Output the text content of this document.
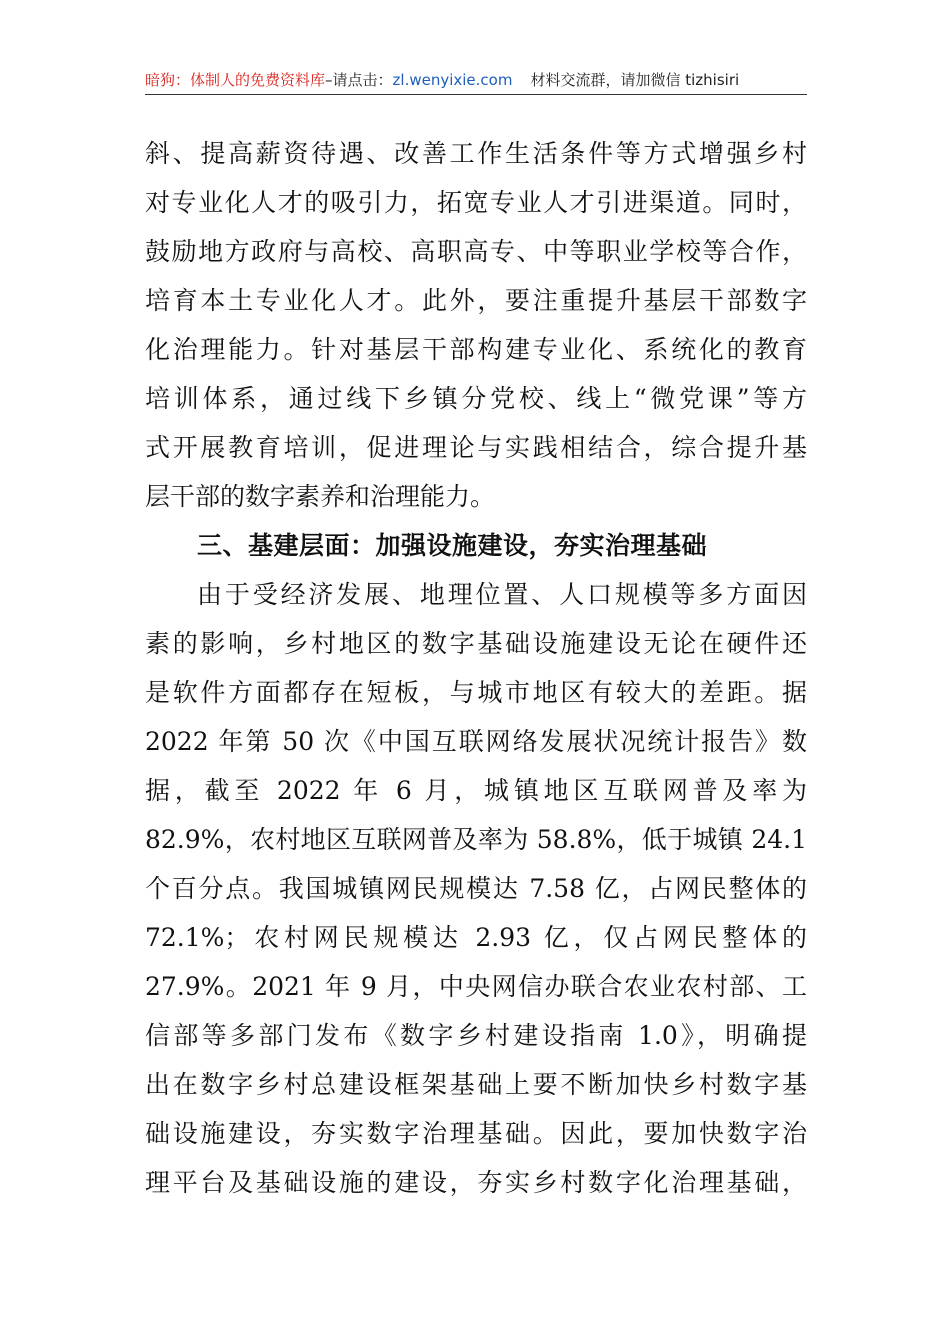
暗狗：体制人的免费资料库–请点击：zl.wenyixie.com 材料交流群，请加微信 tizhisiri
斜、提高薪资待遇、改善工作生活条件等方式增强乡村
对专业化人才的吸引力，拓宽专业人才引进渠道。同时，
鼓励地方政府与高校、高职高专、中等职业学校等合作，
培育本土专业化人才。此外，要注重提升基层干部数字
化治理能力。针对基层干部构建专业化、系统化的教育
培训体系，通过线下乡镇分党校、线上“微党课”等方
式开展教育培训，促进理论与实践相结合，综合提升基
层干部的数字素养和治理能力。
三、基建层面：加强设施建设，夯实治理基础
由于受经济发展、地理位置、人口规模等多方面因
素的影响，乡村地区的数字基础设施建设无论在硬件还
是软件方面都存在短板，与城市地区有较大的差距。据
2022 年第 50 次《中国互联网络发展状况统计报告》数
据，截至 2022 年 6 月，城镇地区互联网普及率为
82.9%，农村地区互联网普及率为 58.8%，低于城镇 24.1
个百分点。我国城镇网民规模达 7.58 亿，占网民整体的
72.1%；农村网民规模达 2.93 亿，仅占网民整体的
27.9%。2021 年 9 月，中央网信办联合农业农村部、工
信部等多部门发布《数字乡村建设指南 1.0》，明确提
出在数字乡村总建设框架基础上要不断加快乡村数字基
础设施建设，夯实数字治理基础。因此，要加快数字治
理平台及基础设施的建设，夯实乡村数字化治理基础，
